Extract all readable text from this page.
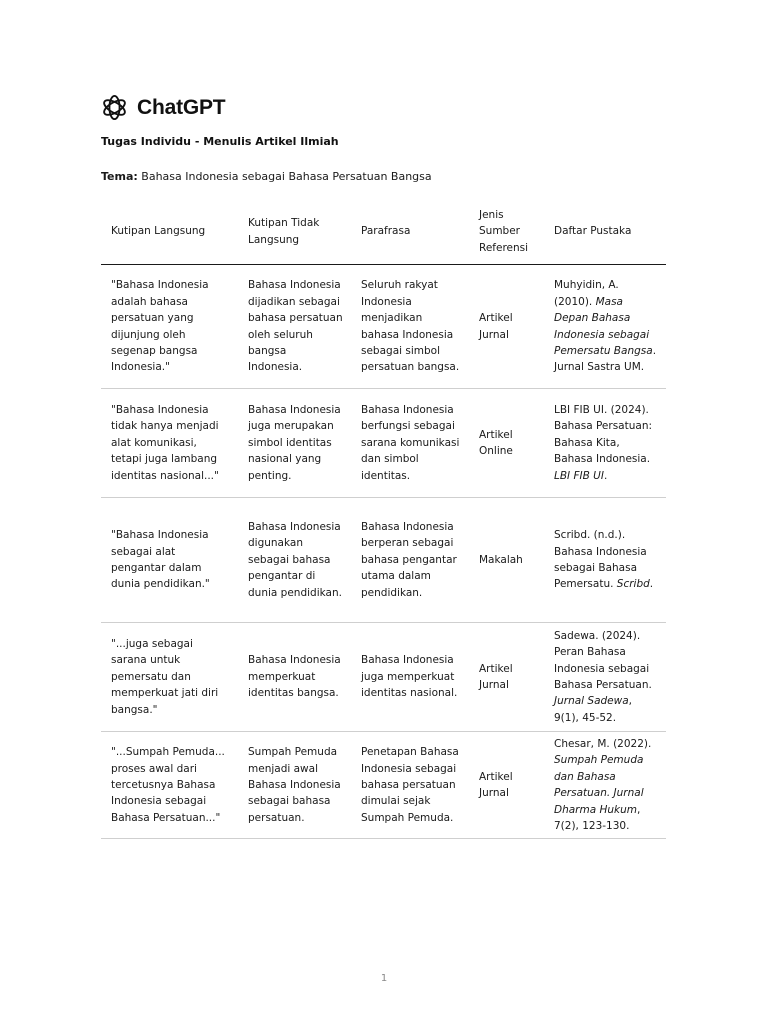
ChatGPT
Tugas Individu - Menulis Artikel Ilmiah
Tema: Bahasa Indonesia sebagai Bahasa Persatuan Bangsa
Kutipan Langsung	Kutipan Tidak Langsung	Parafrasa	Jenis Sumber Referensi	Daftar Pustaka
"Bahasa Indonesia adalah bahasa persatuan yang dijunjung oleh segenap bangsa Indonesia."	Bahasa Indonesia dijadikan sebagai bahasa persatuan oleh seluruh bangsa Indonesia.	Seluruh rakyat Indonesia menjadikan bahasa Indonesia sebagai simbol persatuan bangsa.	Artikel Jurnal	Muhyidin, A. (2010). Masa Depan Bahasa Indonesia sebagai Pemersatu Bangsa. Jurnal Sastra UM.
"Bahasa Indonesia tidak hanya menjadi alat komunikasi, tetapi juga lambang identitas nasional..."	Bahasa Indonesia juga merupakan simbol identitas nasional yang penting.	Bahasa Indonesia berfungsi sebagai sarana komunikasi dan simbol identitas.	Artikel Online	LBI FIB UI. (2024). Bahasa Persatuan: Bahasa Kita, Bahasa Indonesia. LBI FIB UI.
"Bahasa Indonesia sebagai alat pengantar dalam dunia pendidikan."	Bahasa Indonesia digunakan sebagai bahasa pengantar di dunia pendidikan.	Bahasa Indonesia berperan sebagai bahasa pengantar utama dalam pendidikan.	Makalah	Scribd. (n.d.). Bahasa Indonesia sebagai Bahasa Pemersatu. Scribd.
"...juga sebagai sarana untuk pemersatu dan memperkuat jati diri bangsa."	Bahasa Indonesia memperkuat identitas bangsa.	Bahasa Indonesia juga memperkuat identitas nasional.	Artikel Jurnal	Sadewa. (2024). Peran Bahasa Indonesia sebagai Bahasa Persatuan. Jurnal Sadewa, 9(1), 45-52.
"...Sumpah Pemuda... proses awal dari tercetusnya Bahasa Indonesia sebagai Bahasa Persatuan..."	Sumpah Pemuda menjadi awal Bahasa Indonesia sebagai bahasa persatuan.	Penetapan Bahasa Indonesia sebagai bahasa persatuan dimulai sejak Sumpah Pemuda.	Artikel Jurnal	Chesar, M. (2022). Sumpah Pemuda dan Bahasa Persatuan. Jurnal Dharma Hukum, 7(2), 123-130.
1
